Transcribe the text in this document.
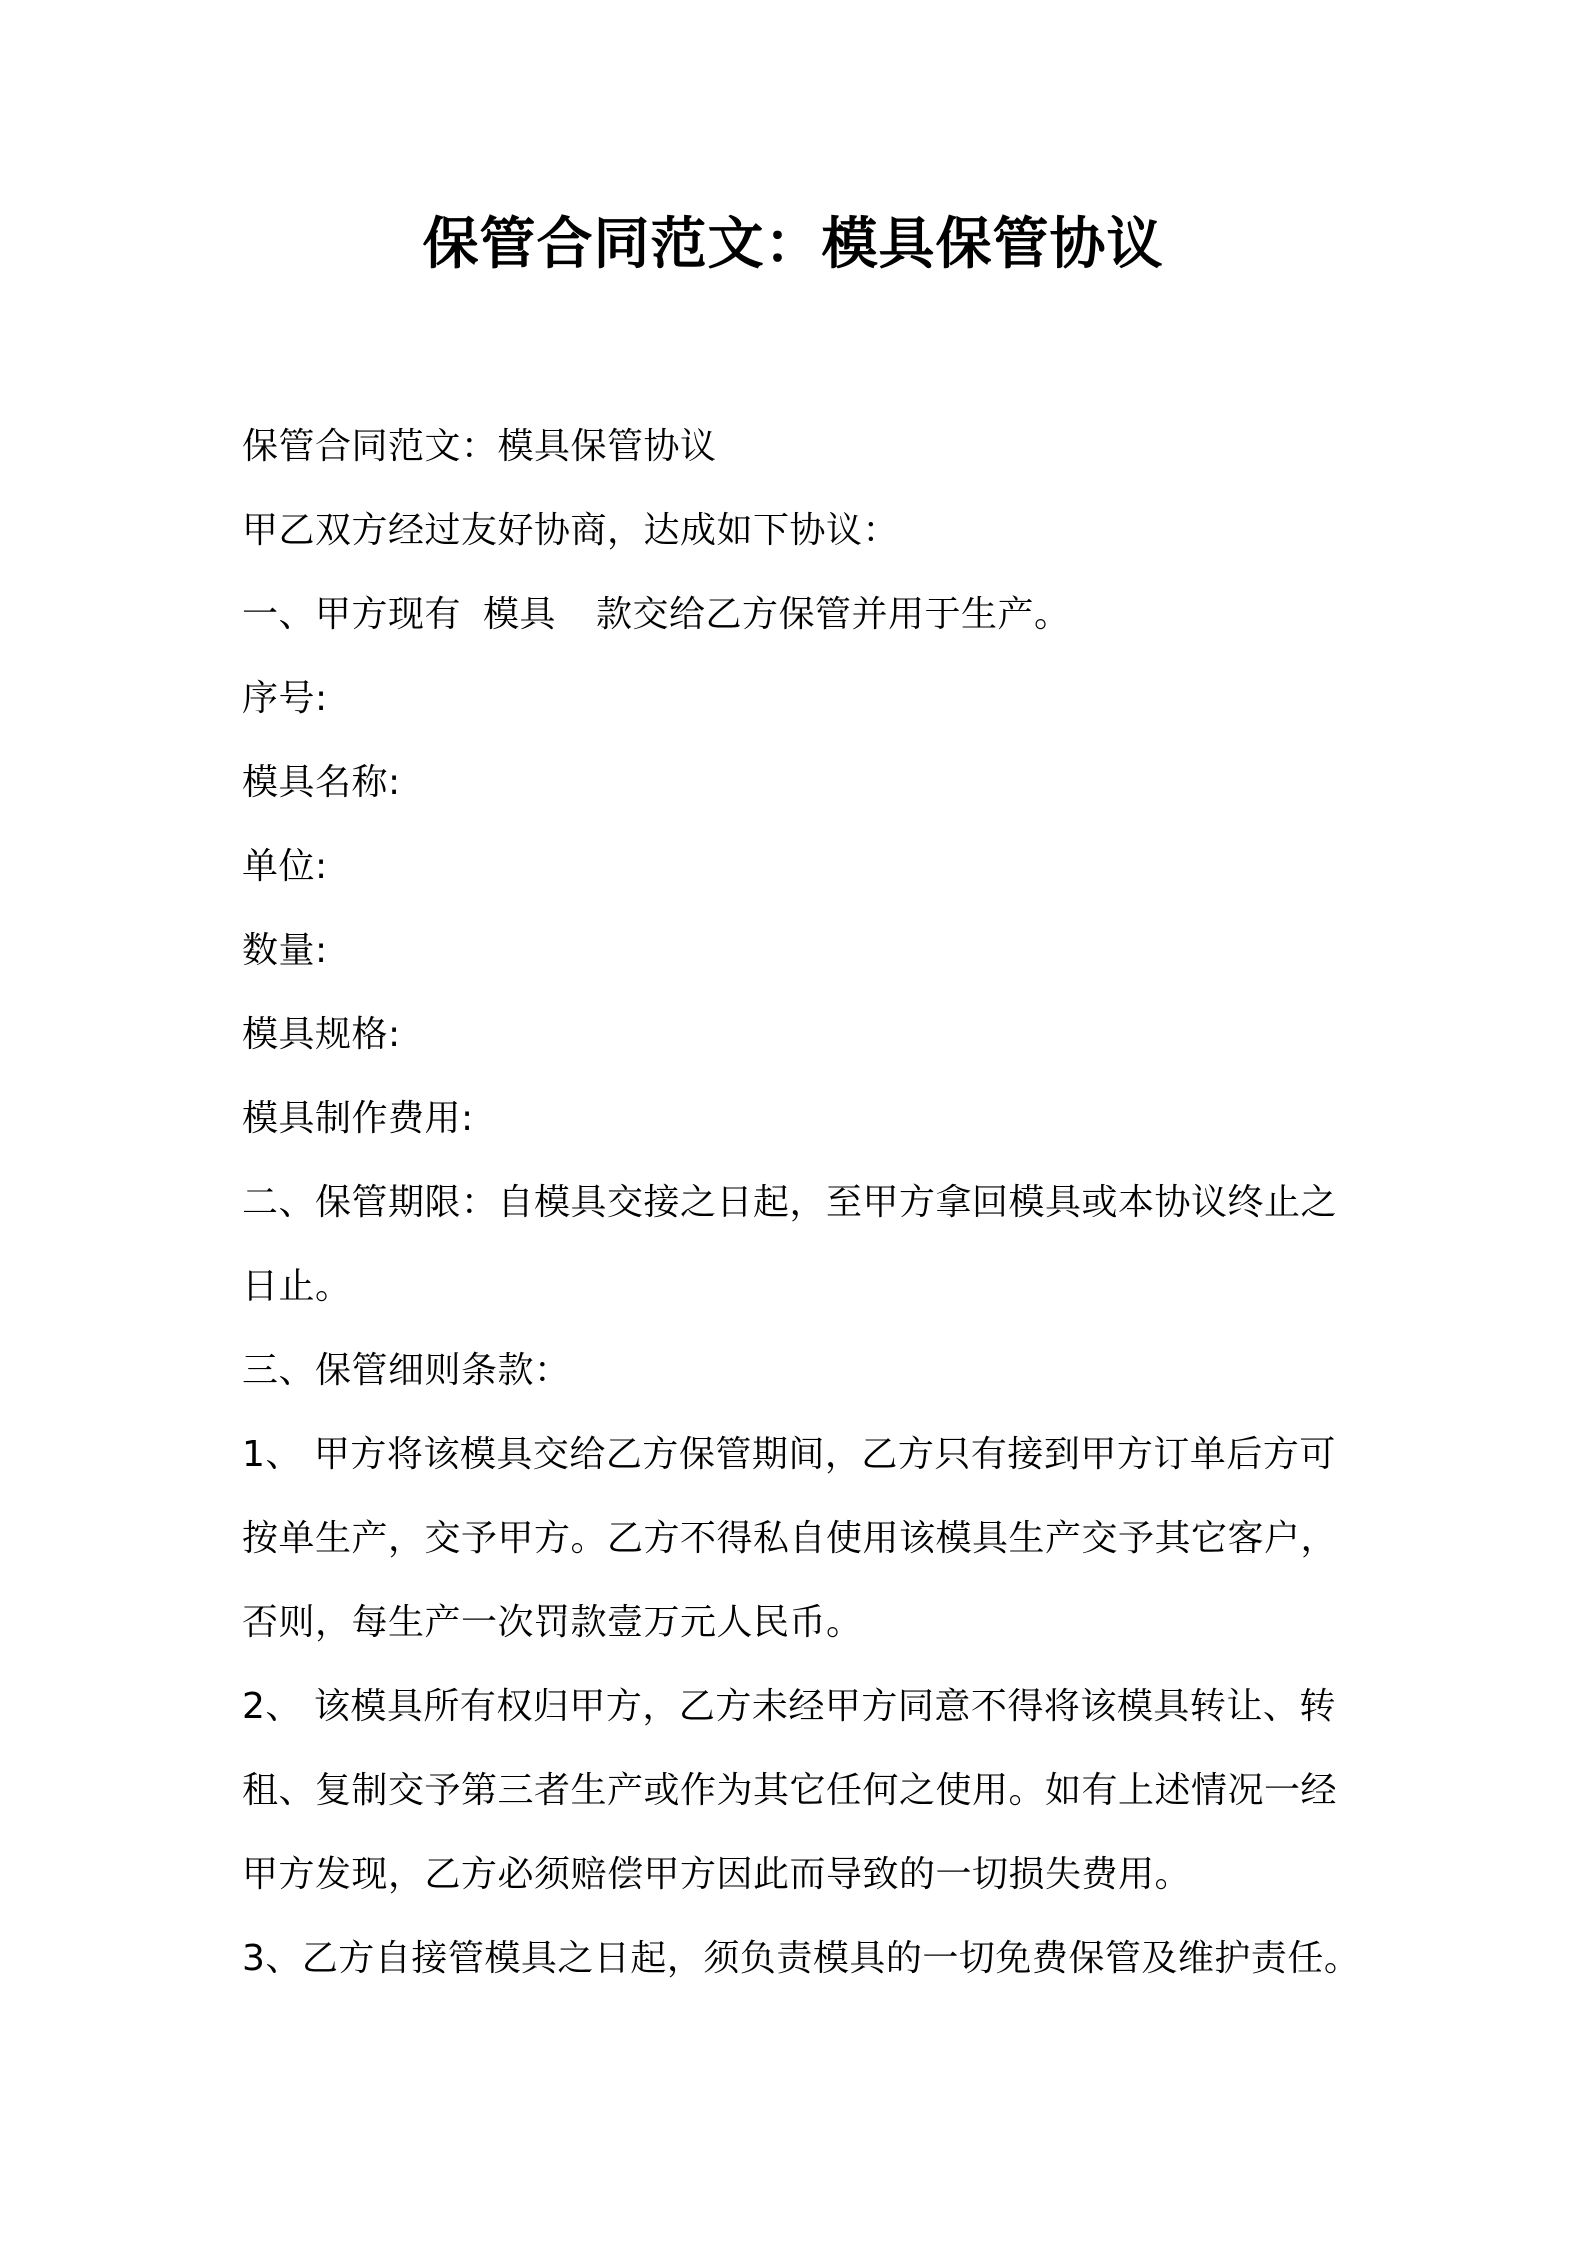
保管合同范文：模具保管协议
保管合同范文：模具保管协议
甲乙双方经过友好协商，达成如下协议：
一、甲方现有 模具 款交给乙方保管并用于生产。
序号:
模具名称:
单位:
数量:
模具规格:
模具制作费用:
二、保管期限：自模具交接之日起，至甲方拿回模具或本协议终止之
日止。
三、保管细则条款：
1、 甲方将该模具交给乙方保管期间，乙方只有接到甲方订单后方可
按单生产，交予甲方。乙方不得私自使用该模具生产交予其它客户，
否则，每生产一次罚款壹万元人民币。
2、 该模具所有权归甲方，乙方未经甲方同意不得将该模具转让、转
租、复制交予第三者生产或作为其它任何之使用。如有上述情况一经
甲方发现，乙方必须赔偿甲方因此而导致的一切损失费用。
3、乙方自接管模具之日起，须负责模具的一切免费保管及维护责任。
